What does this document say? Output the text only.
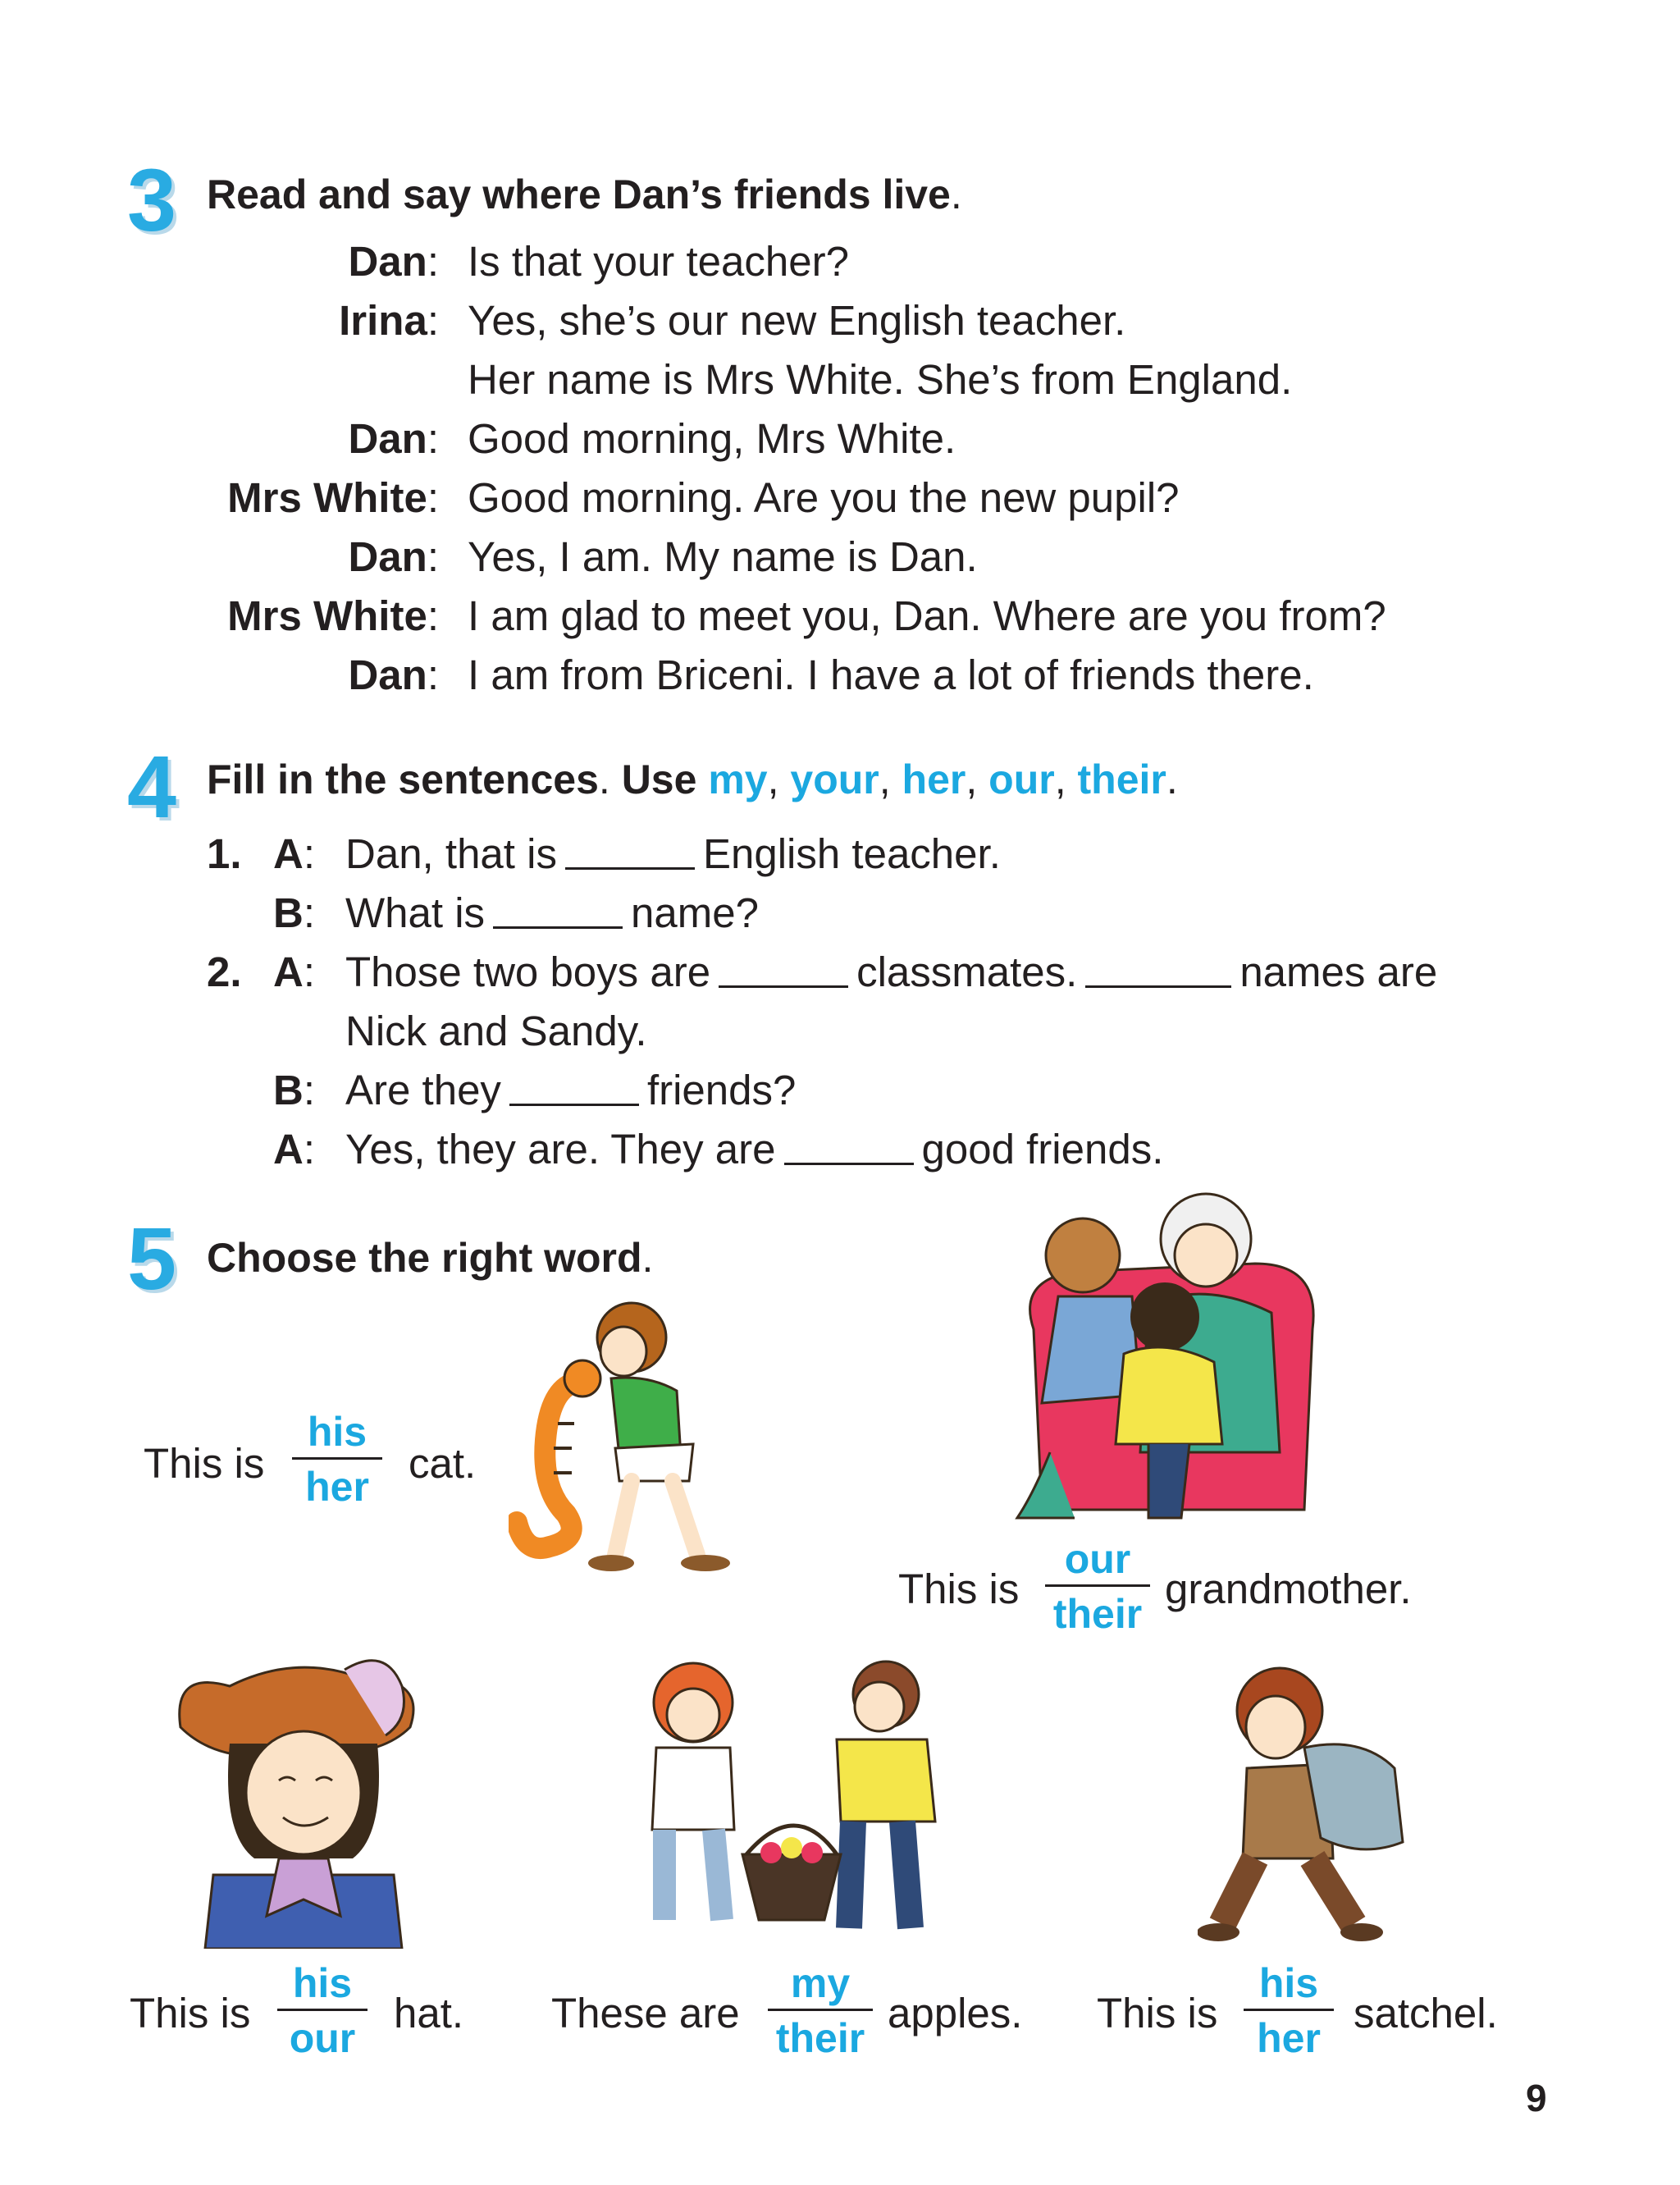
3 Read and say where Dan’s friends live.
Dan: Is that your teacher?
Irina: Yes, she’s our new English teacher.
Her name is Mrs White. She’s from England.
Dan: Good morning, Mrs White.
Mrs White: Good morning. Are you the new pupil?
Dan: Yes, I am. My name is Dan.
Mrs White: I am glad to meet you, Dan. Where are you from?
Dan: I am from Briceni. I have a lot of friends there.
4 Fill in the sentences. Use my, your, her, our, their.
1. A: Dan, that is	English teacher.
B: What is	name?
2. A: Those two boys are	classmates.	names are
Nick and Sandy.
B: Are they	friends?
A: Yes, they are. They are	good friends.
5 Choose the right word.
This is
his
her cat.
This is
our
their
grandmother.
This is
his
our
hat. These are
my
their
apples. This is
his
her
satchel.
9
